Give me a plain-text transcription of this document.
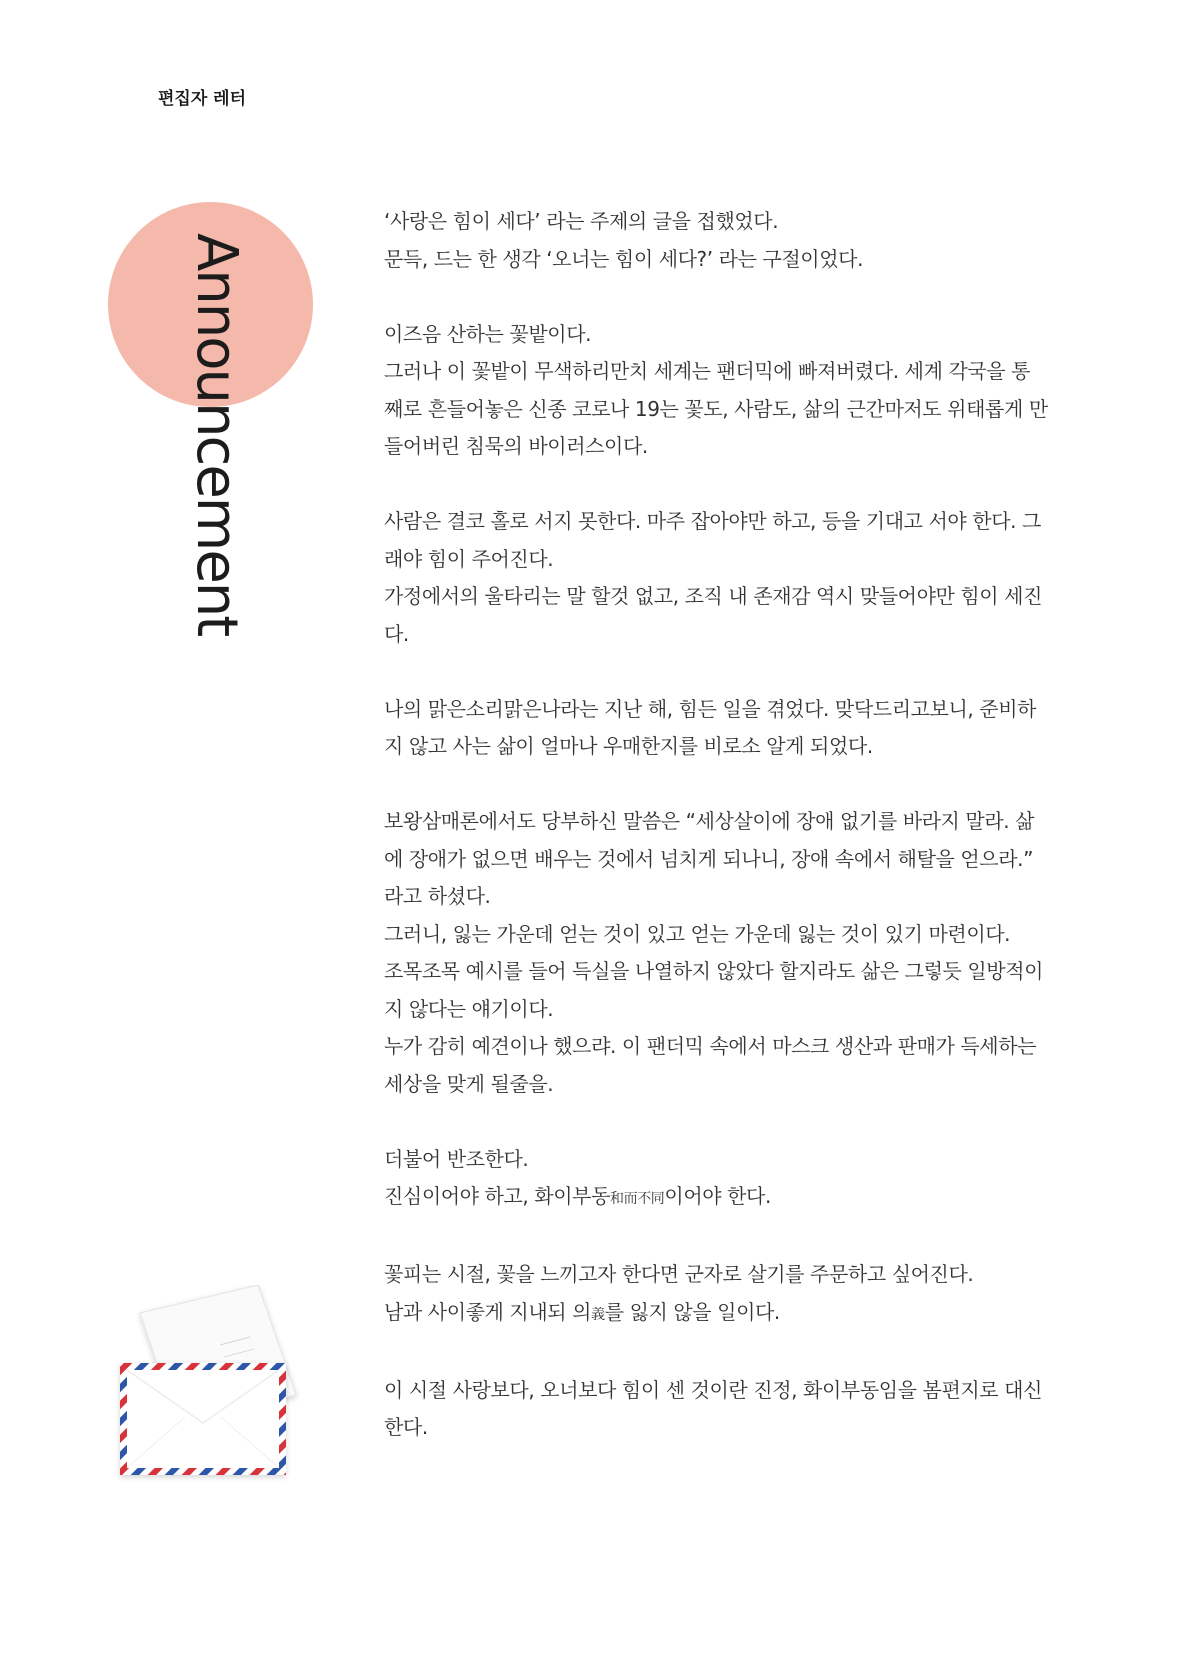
편집자 레터
Announcement
‘사랑은 힘이 세다’ 라는 주제의 글을 접했었다.
문득, 드는 한 생각 ‘오너는 힘이 세다?’ 라는 구절이었다.
이즈음 산하는 꽃밭이다.
그러나 이 꽃밭이 무색하리만치 세계는 팬더믹에 빠져버렸다. 세계 각국을 통
째로 흔들어놓은 신종 코로나 19는 꽃도, 사람도, 삶의 근간마저도 위태롭게 만
들어버린 침묵의 바이러스이다.
사람은 결코 홀로 서지 못한다. 마주 잡아야만 하고, 등을 기대고 서야 한다. 그
래야 힘이 주어진다.
가정에서의 울타리는 말 할것 없고, 조직 내 존재감 역시 맞들어야만 힘이 세진
다.
나의 맑은소리맑은나라는 지난 해, 힘든 일을 겪었다. 맞닥드리고보니, 준비하
지 않고 사는 삶이 얼마나 우매한지를 비로소 알게 되었다.
보왕삼매론에서도 당부하신 말씀은 “세상살이에 장애 없기를 바라지 말라. 삶
에 장애가 없으면 배우는 것에서 넘치게 되나니, 장애 속에서 해탈을 얻으라.”
라고 하셨다.
그러니, 잃는 가운데 얻는 것이 있고 얻는 가운데 잃는 것이 있기 마련이다.
조목조목 예시를 들어 득실을 나열하지 않았다 할지라도 삶은 그렇듯 일방적이
지 않다는 얘기이다.
누가 감히 예견이나 했으랴. 이 팬더믹 속에서 마스크 생산과 판매가 득세하는
세상을 맞게 될줄을.
더불어 반조한다.
진심이어야 하고, 화이부동和而不同이어야 한다.
꽃피는 시절, 꽃을 느끼고자 한다면 군자로 살기를 주문하고 싶어진다.
남과 사이좋게 지내되 의義를 잃지 않을 일이다.
이 시절 사랑보다, 오너보다 힘이 센 것이란 진정, 화이부동임을 봄편지로 대신
한다.
